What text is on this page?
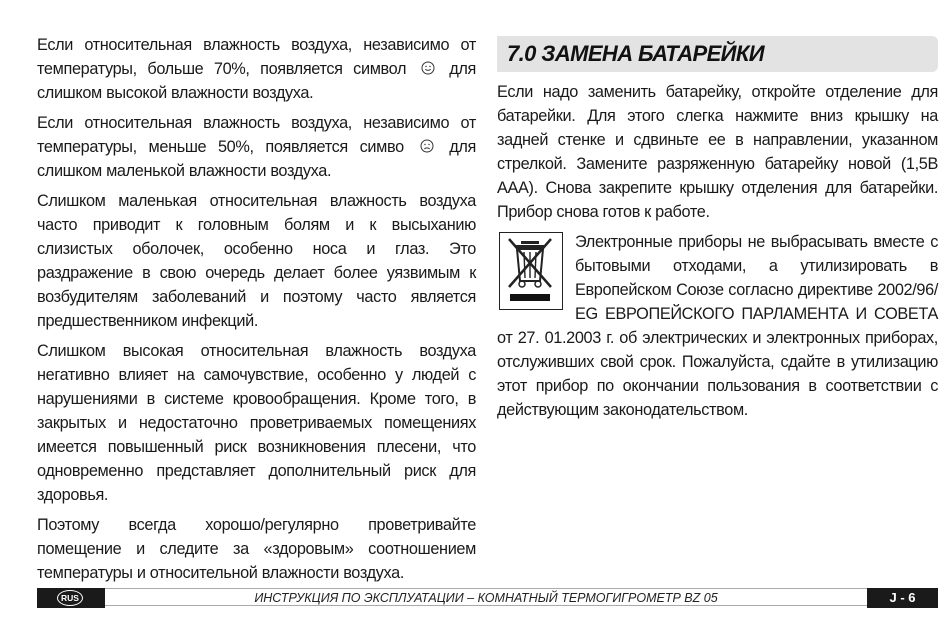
Если относительная влажность воздуха, независимо от температуры, больше 70%, появляется символ	для слишком высокой влажности воздуха.

Если относительная влажность воздуха, независимо от температуры, меньше 50%, появляется симво	для слишком маленькой влажности воздуха.

Слишком маленькая относительная влажность воздуха часто приводит к головным болям и к высыханию слизистых оболочек, особенно носа и глаз. Это раздражение в свою очередь делает более уязвимым к возбудителям заболеваний и поэтому часто является предшественником инфекций.

Слишком высокая относительная влажность воздуха негативно влияет на самочувствие, особенно у людей с нарушениями в системе кровообращения. Кроме того, в закрытых и недостаточно проветриваемых помещениях имеется повышенный риск возникновения плесени, что одновременно представляет дополнительный риск для здоровья.

Поэтому всегда хорошо/регулярно проветривайте помещение и следите за «здоровым» соотношением температуры и относительной влажности воздуха.

7.0 ЗАМЕНА БАТАРЕЙКИ

Если надо заменить батарейку, откройте отделение для батарейки. Для этого слегка нажмите вниз крышку на задней стенке и сдвиньте ее в направлении, указанном стрелкой. Замените разряженную батарейку новой (1,5В AAA). Снова закрепите крышку отделения для батарейки. Прибор снова готов к работе.

Электронные приборы не выбрасывать вместе с бытовыми отходами, а утилизировать в Европейском Союзе согласно директиве 2002/96/ EG ЕВРОПЕЙСКОГО ПАРЛАМЕНТА И СОВЕТА от 27. 01.2003 г. об электрических и электронных приборах, отслуживших свой срок. Пожалуйста, сдайте в утилизацию этот прибор по окончании пользования в соответствии с действующим законодательством.

RUS	ИНСТРУКЦИЯ ПО ЭКСПЛУАТАЦИИ – КОМНАТНЫЙ ТЕРМОГИГРОМЕТР BZ 05	J - 6
